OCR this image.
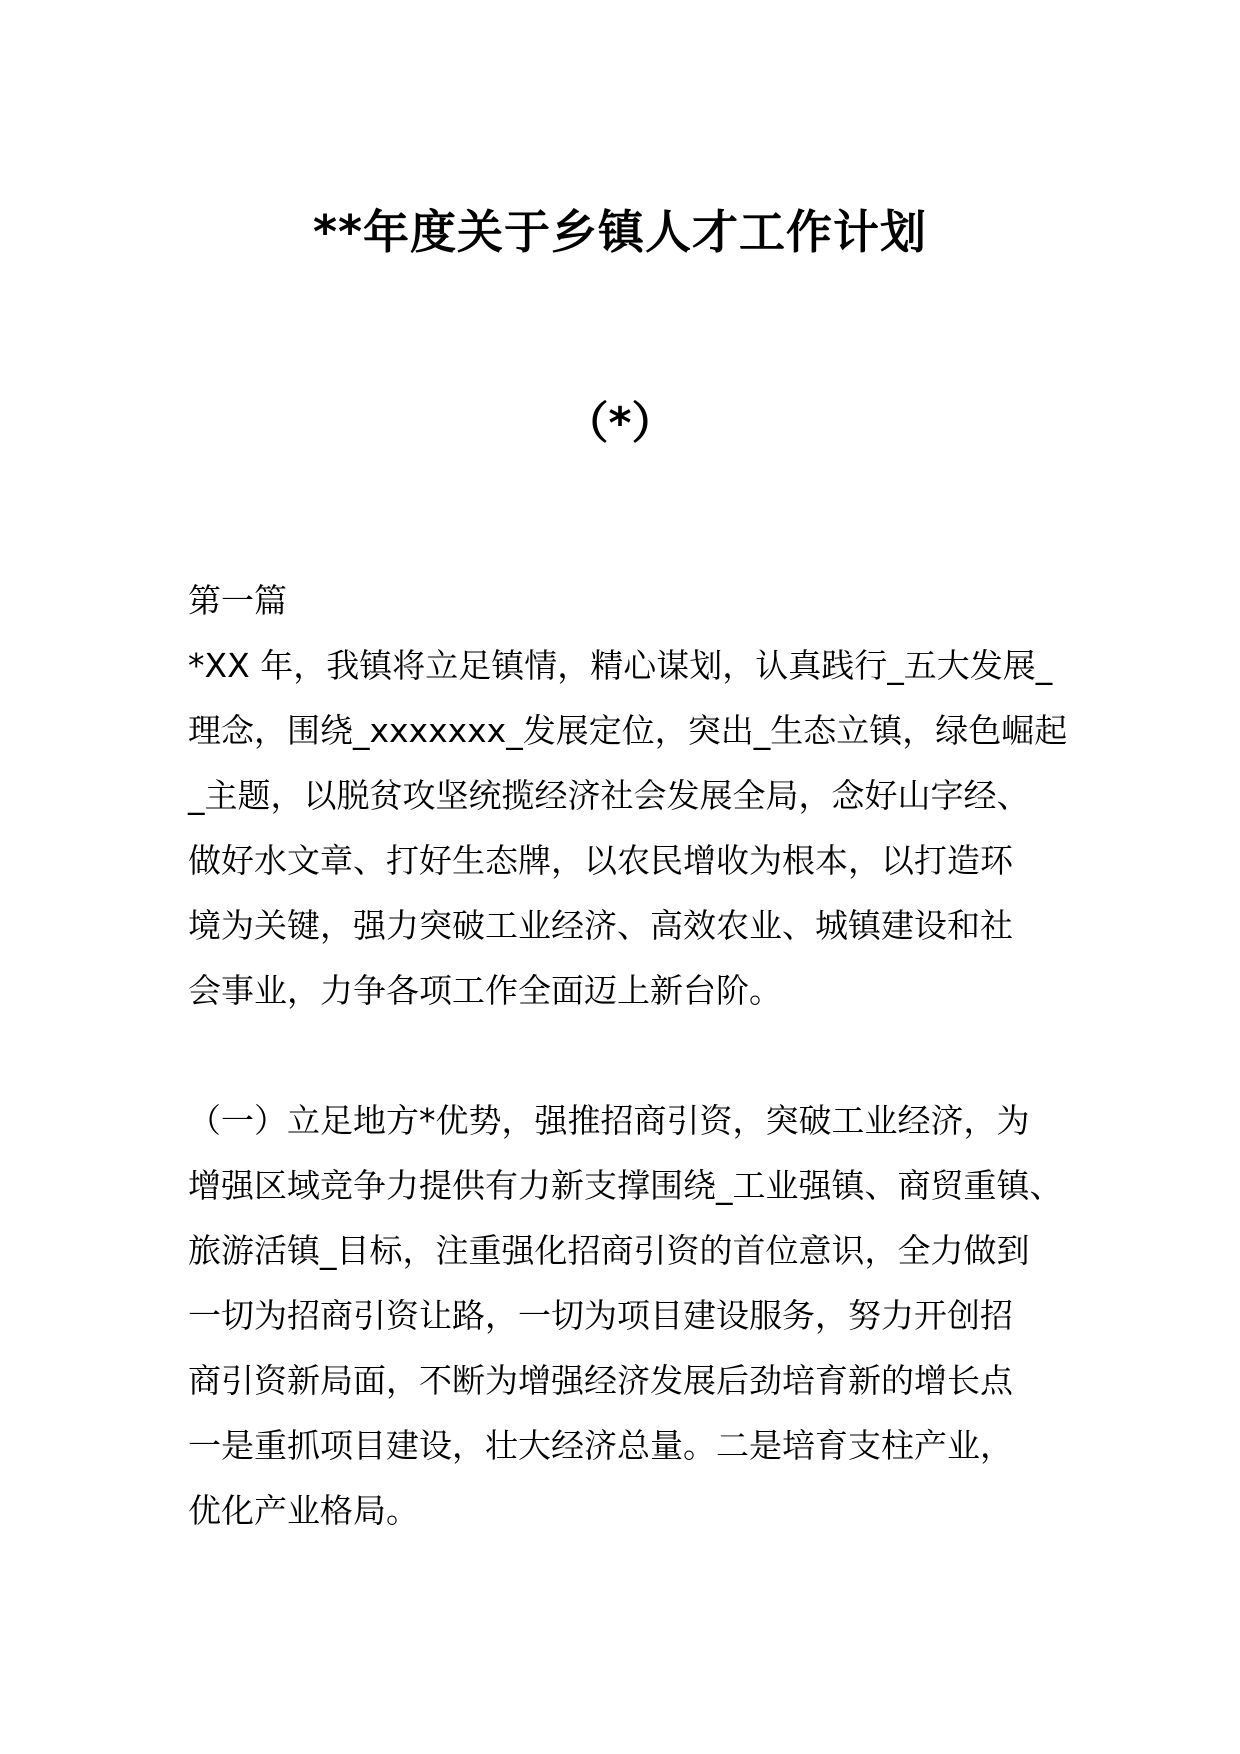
**年度关于乡镇人才工作计划
（*）
第一篇
*XX 年，我镇将立足镇情，精心谋划，认真践行_五大发展_
理念，围绕_xxxxxxx_发展定位，突出_生态立镇，绿色崛起
_主题，以脱贫攻坚统揽经济社会发展全局，念好山字经、
做好水文章、打好生态牌，以农民增收为根本，以打造环
境为关键，强力突破工业经济、高效农业、城镇建设和社
会事业，力争各项工作全面迈上新台阶。
（一）立足地方*优势，强推招商引资，突破工业经济，为
增强区域竞争力提供有力新支撑围绕_工业强镇、商贸重镇、
旅游活镇_目标，注重强化招商引资的首位意识，全力做到
一切为招商引资让路，一切为项目建设服务，努力开创招
商引资新局面，不断为增强经济发展后劲培育新的增长点
一是重抓项目建设，壮大经济总量。二是培育支柱产业，
优化产业格局。
